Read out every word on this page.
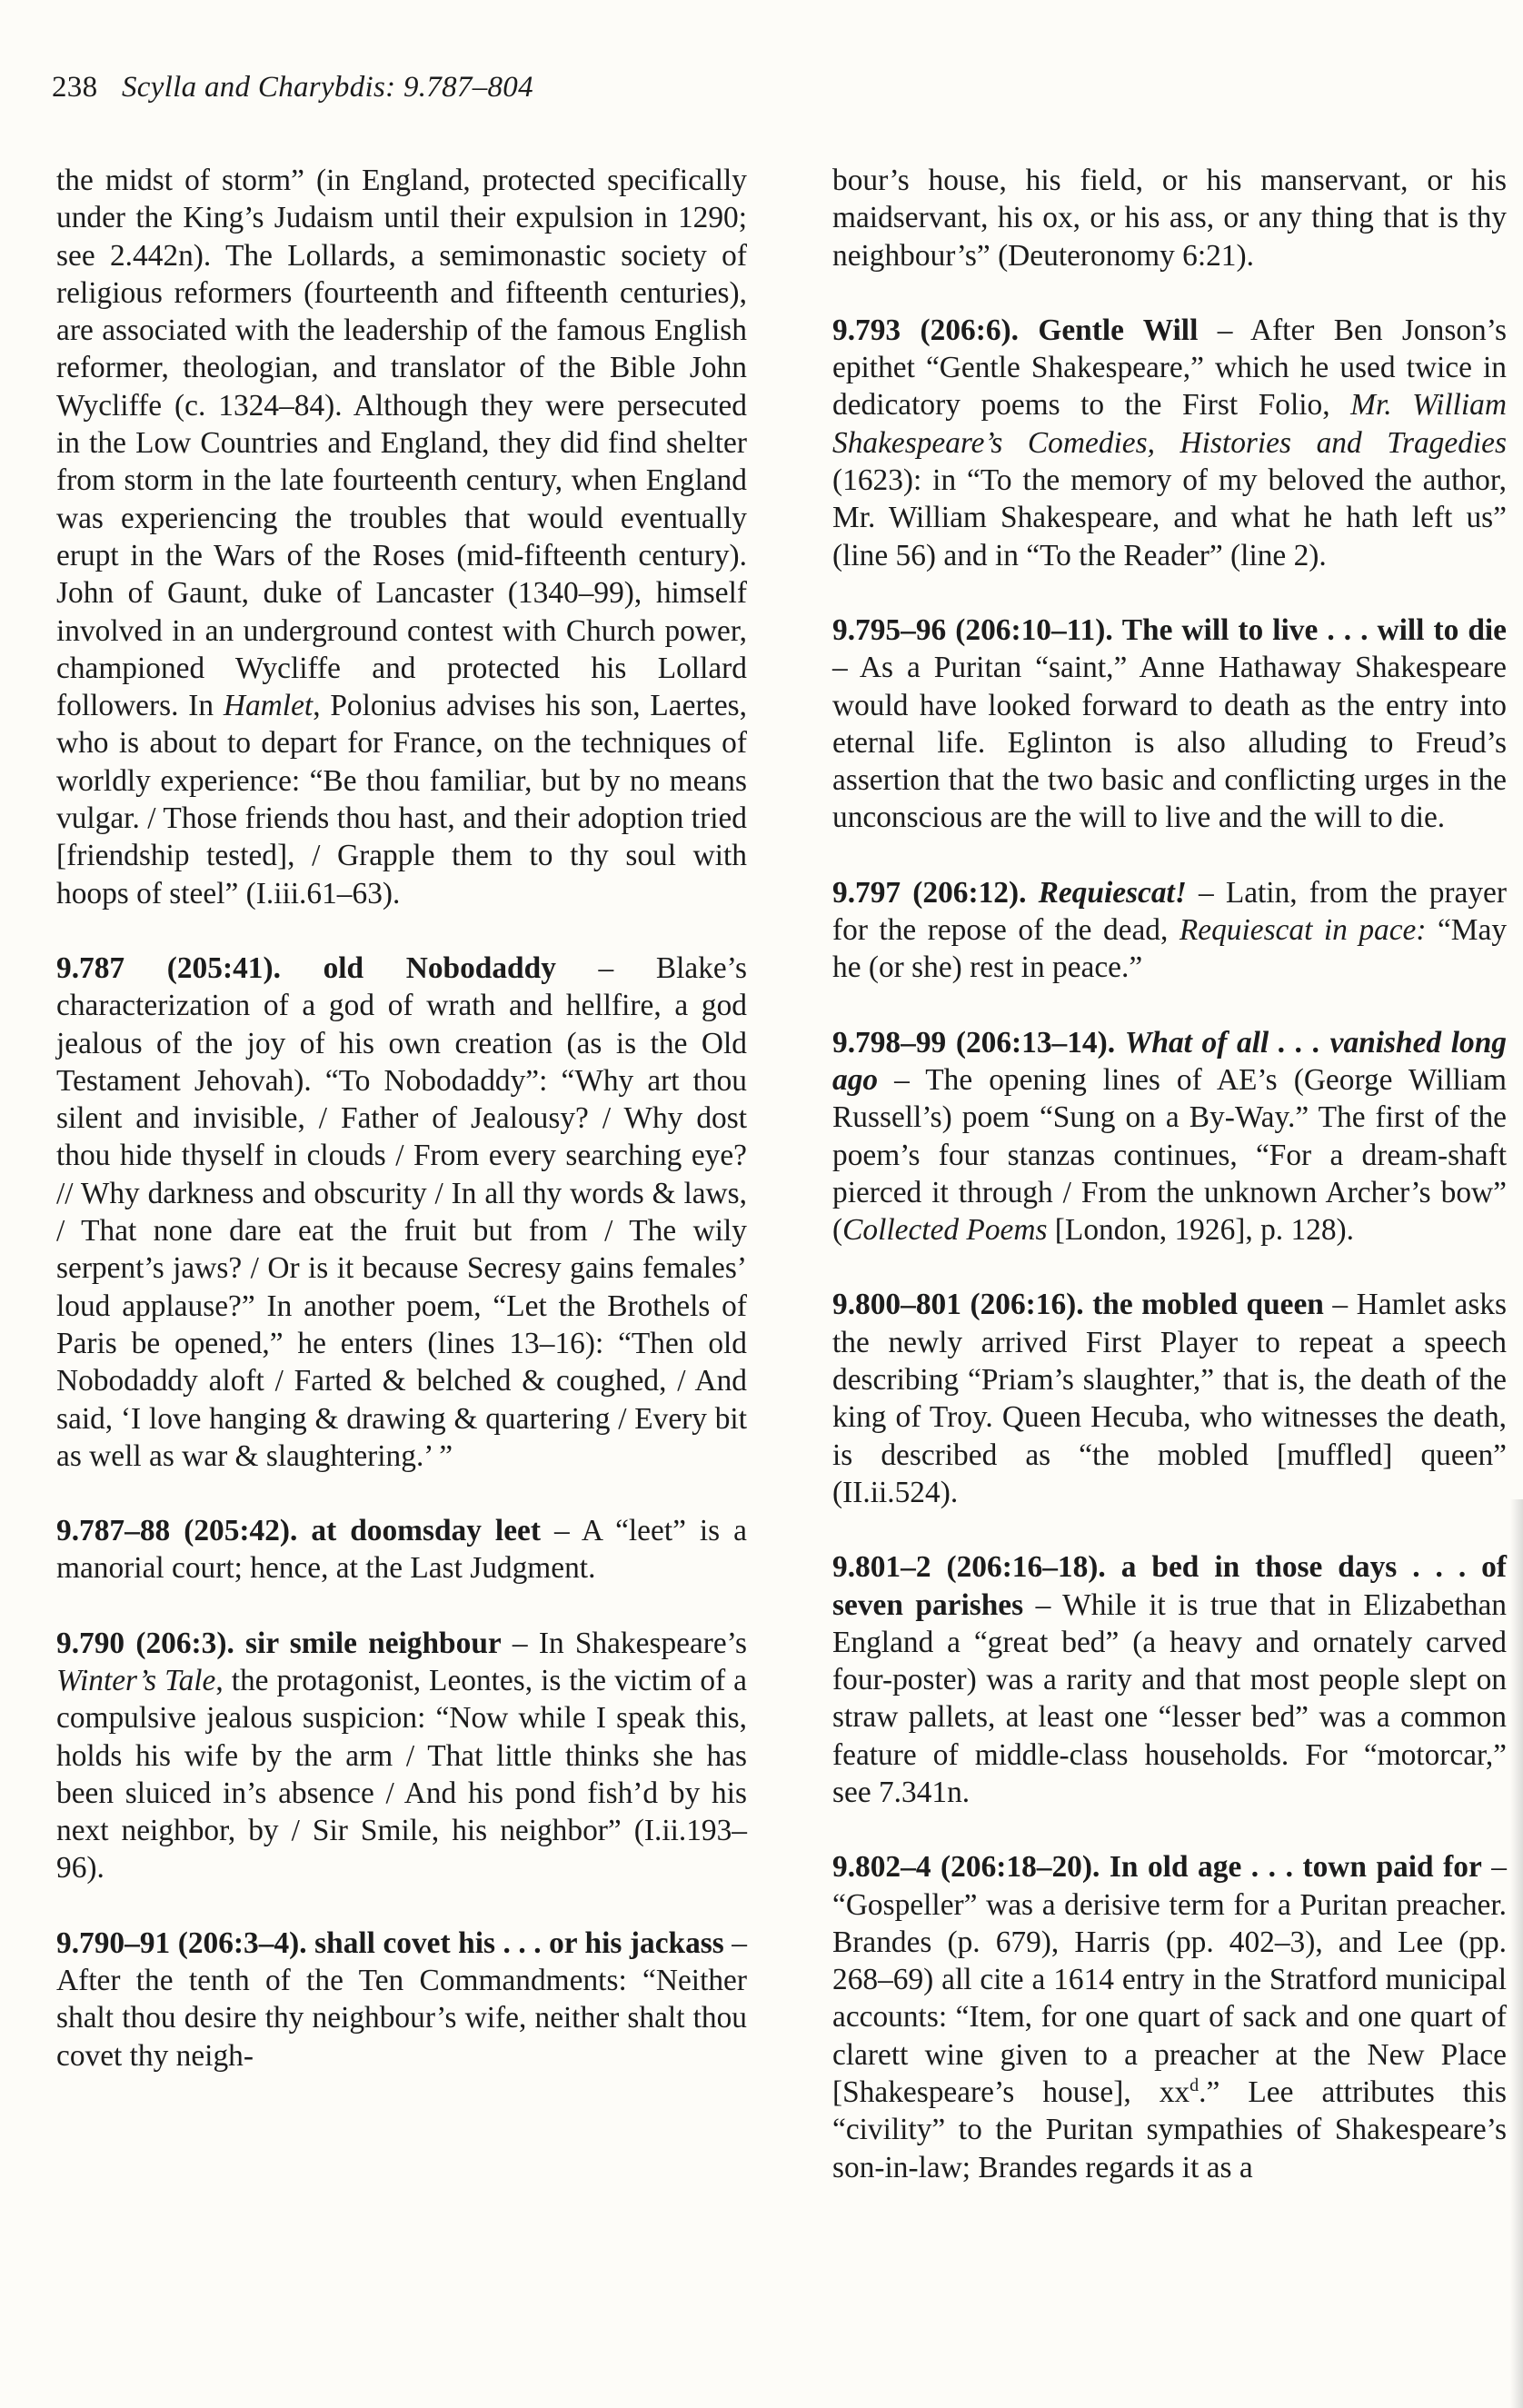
238 Scylla and Charybdis: 9.787–804

the midst of storm” (in England, protected specifically under the King’s Judaism until their expulsion in 1290; see 2.442n). The Lollards, a semimonastic society of religious reformers (fourteenth and fifteenth centuries), are associated with the leadership of the famous English reformer, theologian, and translator of the Bible John Wycliffe (c. 1324–84). Although they were persecuted in the Low Countries and England, they did find shelter from storm in the late fourteenth century, when England was experiencing the troubles that would eventually erupt in the Wars of the Roses (mid-fifteenth century). John of Gaunt, duke of Lancaster (1340–99), himself involved in an underground contest with Church power, championed Wycliffe and protected his Lollard followers. In Hamlet, Polonius advises his son, Laertes, who is about to depart for France, on the techniques of worldly experience: “Be thou familiar, but by no means vulgar. / Those friends thou hast, and their adoption tried [friendship tested], / Grapple them to thy soul with hoops of steel” (I.iii.61–63).

9.787 (205:41). old Nobodaddy – Blake’s characterization of a god of wrath and hellfire, a god jealous of the joy of his own creation (as is the Old Testament Jehovah). “To Nobodaddy”: “Why art thou silent and invisible, / Father of Jealousy? / Why dost thou hide thyself in clouds / From every searching eye? // Why darkness and obscurity / In all thy words & laws, / That none dare eat the fruit but from / The wily serpent’s jaws? / Or is it because Secresy gains females’ loud applause?” In another poem, “Let the Brothels of Paris be opened,” he enters (lines 13–16): “Then old Nobodaddy aloft / Farted & belched & coughed, / And said, ‘I love hanging & drawing & quartering / Every bit as well as war & slaughtering.’ ”

9.787–88 (205:42). at doomsday leet – A “leet” is a manorial court; hence, at the Last Judgment.

9.790 (206:3). sir smile neighbour – In Shakespeare’s Winter’s Tale, the protagonist, Leontes, is the victim of a compulsive jealous suspicion: “Now while I speak this, holds his wife by the arm / That little thinks she has been sluiced in’s absence / And his pond fish’d by his next neighbor, by / Sir Smile, his neighbor” (I.ii.193–96).

9.790–91 (206:3–4). shall covet his . . . or his jackass – After the tenth of the Ten Commandments: “Neither shalt thou desire thy neighbour’s wife, neither shalt thou covet thy neigh-

bour’s house, his field, or his manservant, or his maidservant, his ox, or his ass, or any thing that is thy neighbour’s” (Deuteronomy 6:21).

9.793 (206:6). Gentle Will – After Ben Jonson’s epithet “Gentle Shakespeare,” which he used twice in dedicatory poems to the First Folio, Mr. William Shakespeare’s Comedies, Histories and Tragedies (1623): in “To the memory of my beloved the author, Mr. William Shakespeare, and what he hath left us” (line 56) and in “To the Reader” (line 2).

9.795–96 (206:10–11). The will to live . . . will to die – As a Puritan “saint,” Anne Hathaway Shakespeare would have looked forward to death as the entry into eternal life. Eglinton is also alluding to Freud’s assertion that the two basic and conflicting urges in the unconscious are the will to live and the will to die.

9.797 (206:12). Requiescat! – Latin, from the prayer for the repose of the dead, Requiescat in pace: “May he (or she) rest in peace.”

9.798–99 (206:13–14). What of all . . . vanished long ago – The opening lines of AE’s (George William Russell’s) poem “Sung on a By-Way.” The first of the poem’s four stanzas continues, “For a dream-shaft pierced it through / From the unknown Archer’s bow” (Collected Poems [London, 1926], p. 128).

9.800–801 (206:16). the mobled queen – Hamlet asks the newly arrived First Player to repeat a speech describing “Priam’s slaughter,” that is, the death of the king of Troy. Queen Hecuba, who witnesses the death, is described as “the mobled [muffled] queen” (II.ii.524).

9.801–2 (206:16–18). a bed in those days . . . of seven parishes – While it is true that in Elizabethan England a “great bed” (a heavy and ornately carved four-poster) was a rarity and that most people slept on straw pallets, at least one “lesser bed” was a common feature of middle-class households. For “motorcar,” see 7.341n.

9.802–4 (206:18–20). In old age . . . town paid for – “Gospeller” was a derisive term for a Puritan preacher. Brandes (p. 679), Harris (pp. 402–3), and Lee (pp. 268–69) all cite a 1614 entry in the Stratford municipal accounts: “Item, for one quart of sack and one quart of clarett wine given to a preacher at the New Place [Shakespeare’s house], $xx^d$.” Lee attributes this “civility” to the Puritan sympathies of Shakespeare’s son-in-law; Brandes regards it as a
